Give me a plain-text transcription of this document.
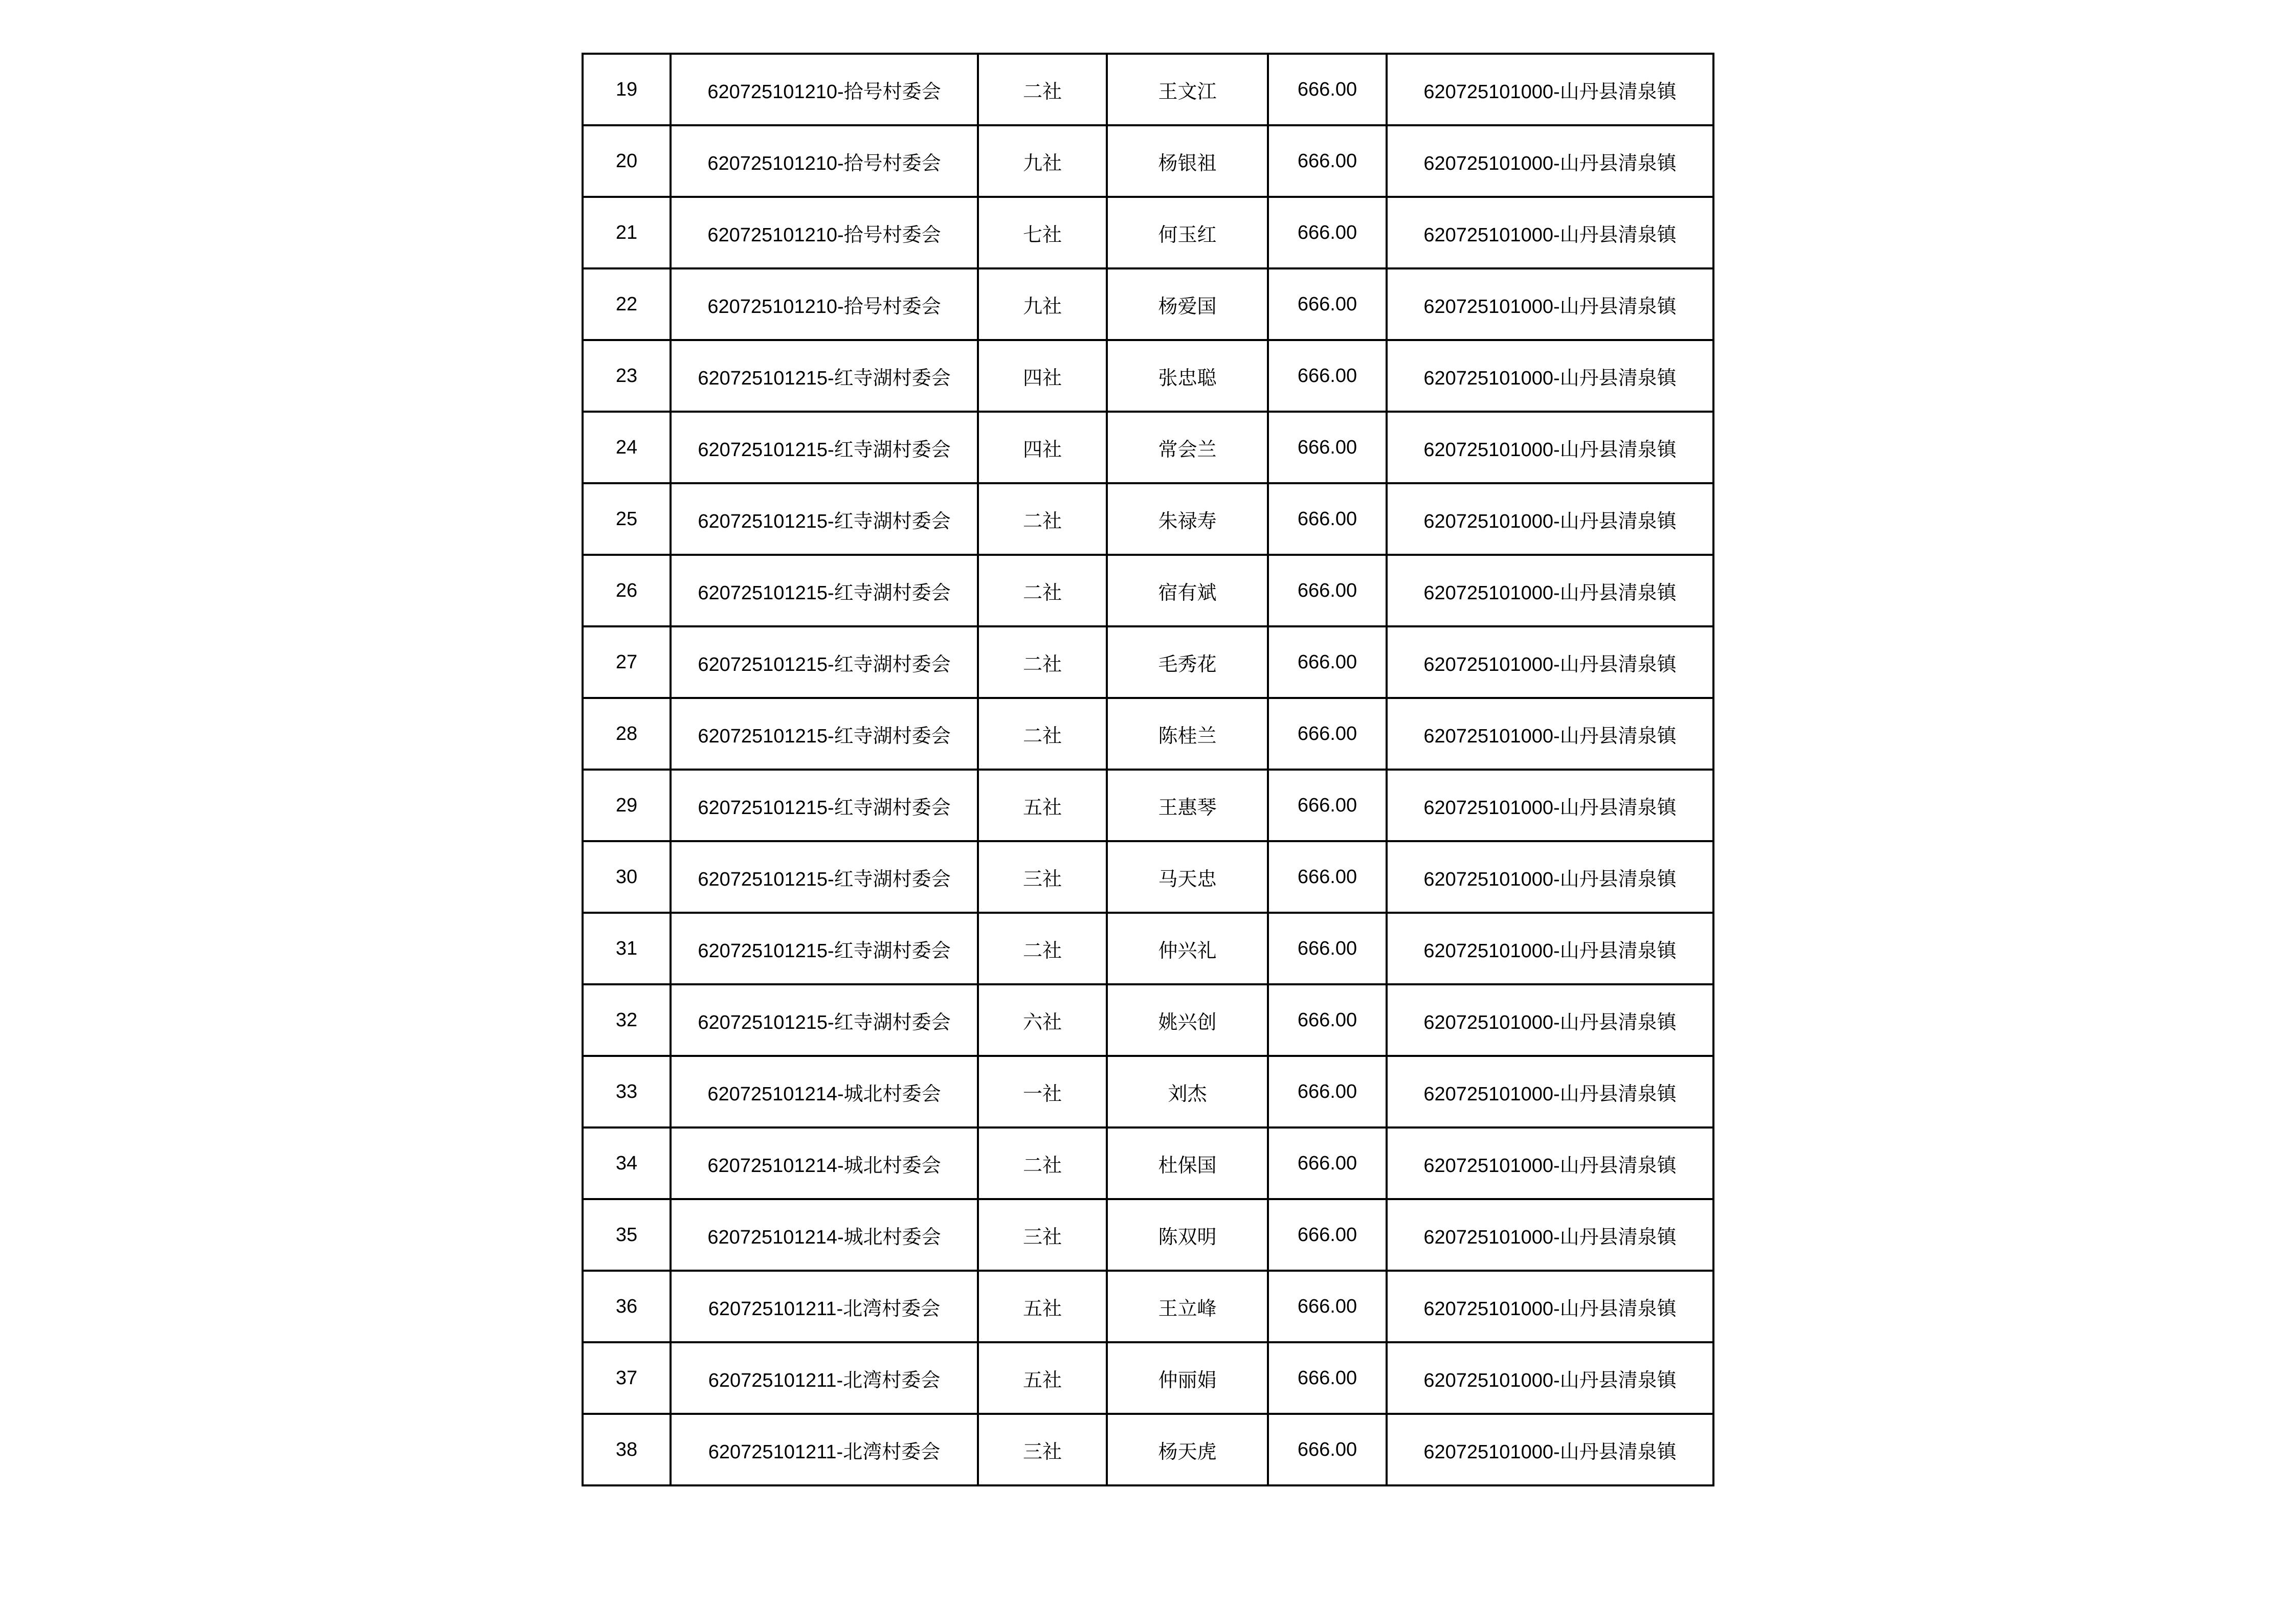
19	620725101210-拾号村委会	二社	王文江	666.00	620725101000-山丹县清泉镇
20	620725101210-拾号村委会	九社	杨银祖	666.00	620725101000-山丹县清泉镇
21	620725101210-拾号村委会	七社	何玉红	666.00	620725101000-山丹县清泉镇
22	620725101210-拾号村委会	九社	杨爱国	666.00	620725101000-山丹县清泉镇
23	620725101215-红寺湖村委会	四社	张忠聪	666.00	620725101000-山丹县清泉镇
24	620725101215-红寺湖村委会	四社	常会兰	666.00	620725101000-山丹县清泉镇
25	620725101215-红寺湖村委会	二社	朱禄寿	666.00	620725101000-山丹县清泉镇
26	620725101215-红寺湖村委会	二社	宿有斌	666.00	620725101000-山丹县清泉镇
27	620725101215-红寺湖村委会	二社	毛秀花	666.00	620725101000-山丹县清泉镇
28	620725101215-红寺湖村委会	二社	陈桂兰	666.00	620725101000-山丹县清泉镇
29	620725101215-红寺湖村委会	五社	王惠琴	666.00	620725101000-山丹县清泉镇
30	620725101215-红寺湖村委会	三社	马天忠	666.00	620725101000-山丹县清泉镇
31	620725101215-红寺湖村委会	二社	仲兴礼	666.00	620725101000-山丹县清泉镇
32	620725101215-红寺湖村委会	六社	姚兴创	666.00	620725101000-山丹县清泉镇
33	620725101214-城北村委会	一社	刘杰	666.00	620725101000-山丹县清泉镇
34	620725101214-城北村委会	二社	杜保国	666.00	620725101000-山丹县清泉镇
35	620725101214-城北村委会	三社	陈双明	666.00	620725101000-山丹县清泉镇
36	620725101211-北湾村委会	五社	王立峰	666.00	620725101000-山丹县清泉镇
37	620725101211-北湾村委会	五社	仲丽娟	666.00	620725101000-山丹县清泉镇
38	620725101211-北湾村委会	三社	杨天虎	666.00	620725101000-山丹县清泉镇
